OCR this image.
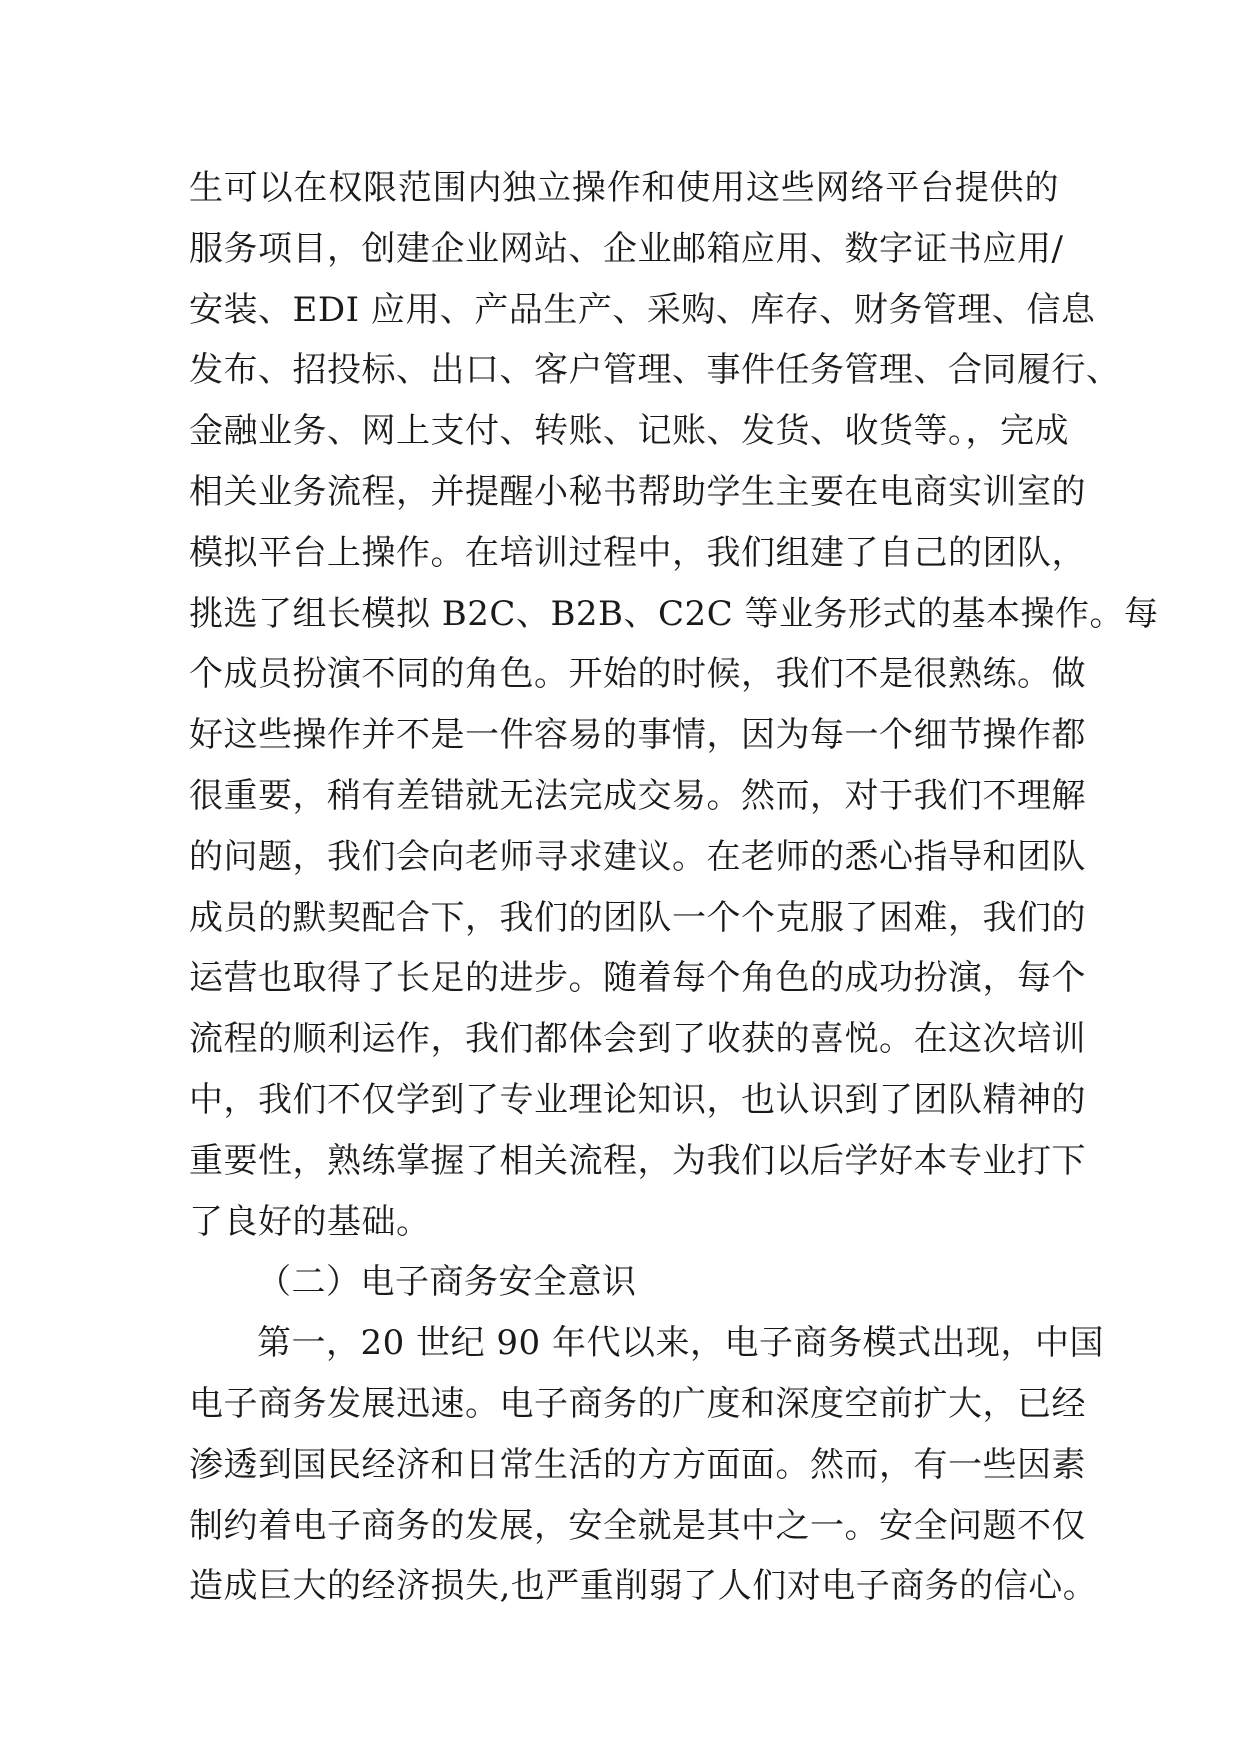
生可以在权限范围内独立操作和使用这些网络平台提供的
服务项目，创建企业网站、企业邮箱应用、数字证书应用/
安装、EDI 应用、产品生产、采购、库存、财务管理、信息
发布、招投标、出口、客户管理、事件任务管理、合同履行、
金融业务、网上支付、转账、记账、发货、收货等。，完成
相关业务流程，并提醒小秘书帮助学生主要在电商实训室的
模拟平台上操作。在培训过程中，我们组建了自己的团队，
挑选了组长模拟 B2C、B2B、C2C 等业务形式的基本操作。每
个成员扮演不同的角色。开始的时候，我们不是很熟练。做
好这些操作并不是一件容易的事情，因为每一个细节操作都
很重要，稍有差错就无法完成交易。然而，对于我们不理解
的问题，我们会向老师寻求建议。在老师的悉心指导和团队
成员的默契配合下，我们的团队一个个克服了困难，我们的
运营也取得了长足的进步。随着每个角色的成功扮演，每个
流程的顺利运作，我们都体会到了收获的喜悦。在这次培训
中，我们不仅学到了专业理论知识，也认识到了团队精神的
重要性，熟练掌握了相关流程，为我们以后学好本专业打下
了良好的基础。
（二）电子商务安全意识
第一，20 世纪 90 年代以来，电子商务模式出现，中国
电子商务发展迅速。电子商务的广度和深度空前扩大，已经
渗透到国民经济和日常生活的方方面面。然而，有一些因素
制约着电子商务的发展，安全就是其中之一。安全问题不仅
造成巨大的经济损失,也严重削弱了人们对电子商务的信心。
